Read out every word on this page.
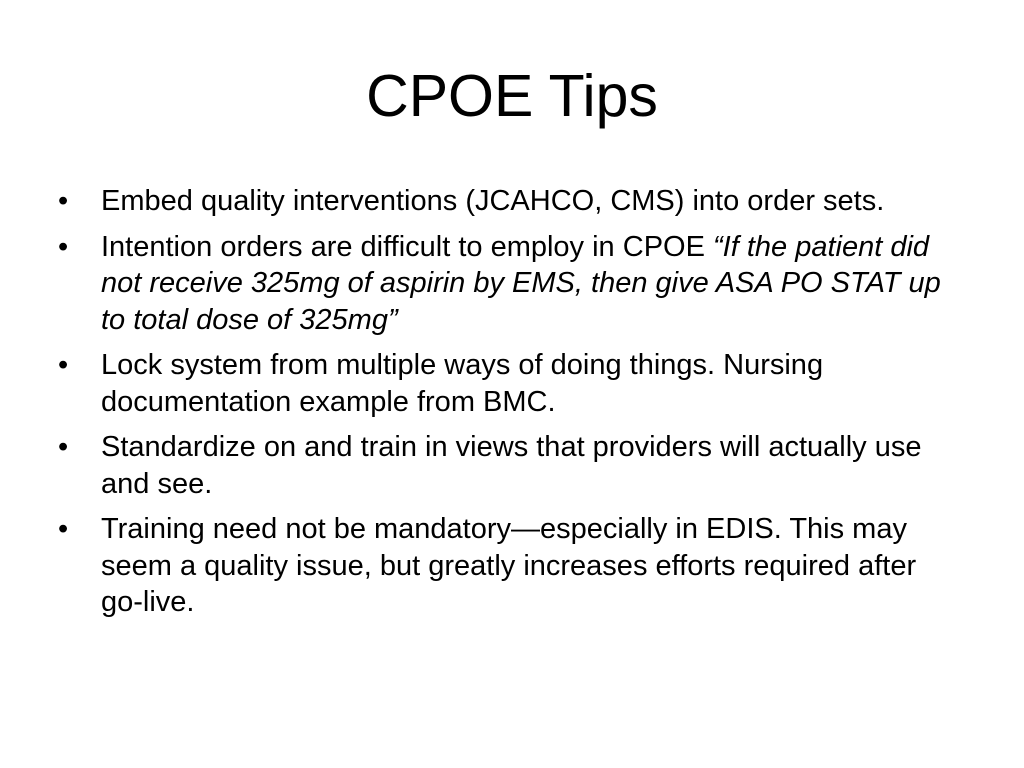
CPOE Tips
•	Embed quality interventions (JCAHCO, CMS) into order sets.
•	Intention orders are difficult to employ in CPOE “If the patient did not receive 325mg of aspirin by EMS, then give ASA PO STAT up to total dose of 325mg”
•	Lock system from multiple ways of doing things. Nursing documentation example from BMC.
•	Standardize on and train in views that providers will actually use and see.
•	Training need not be mandatory—especially in EDIS. This may seem a quality issue, but greatly increases efforts required after go-live.
